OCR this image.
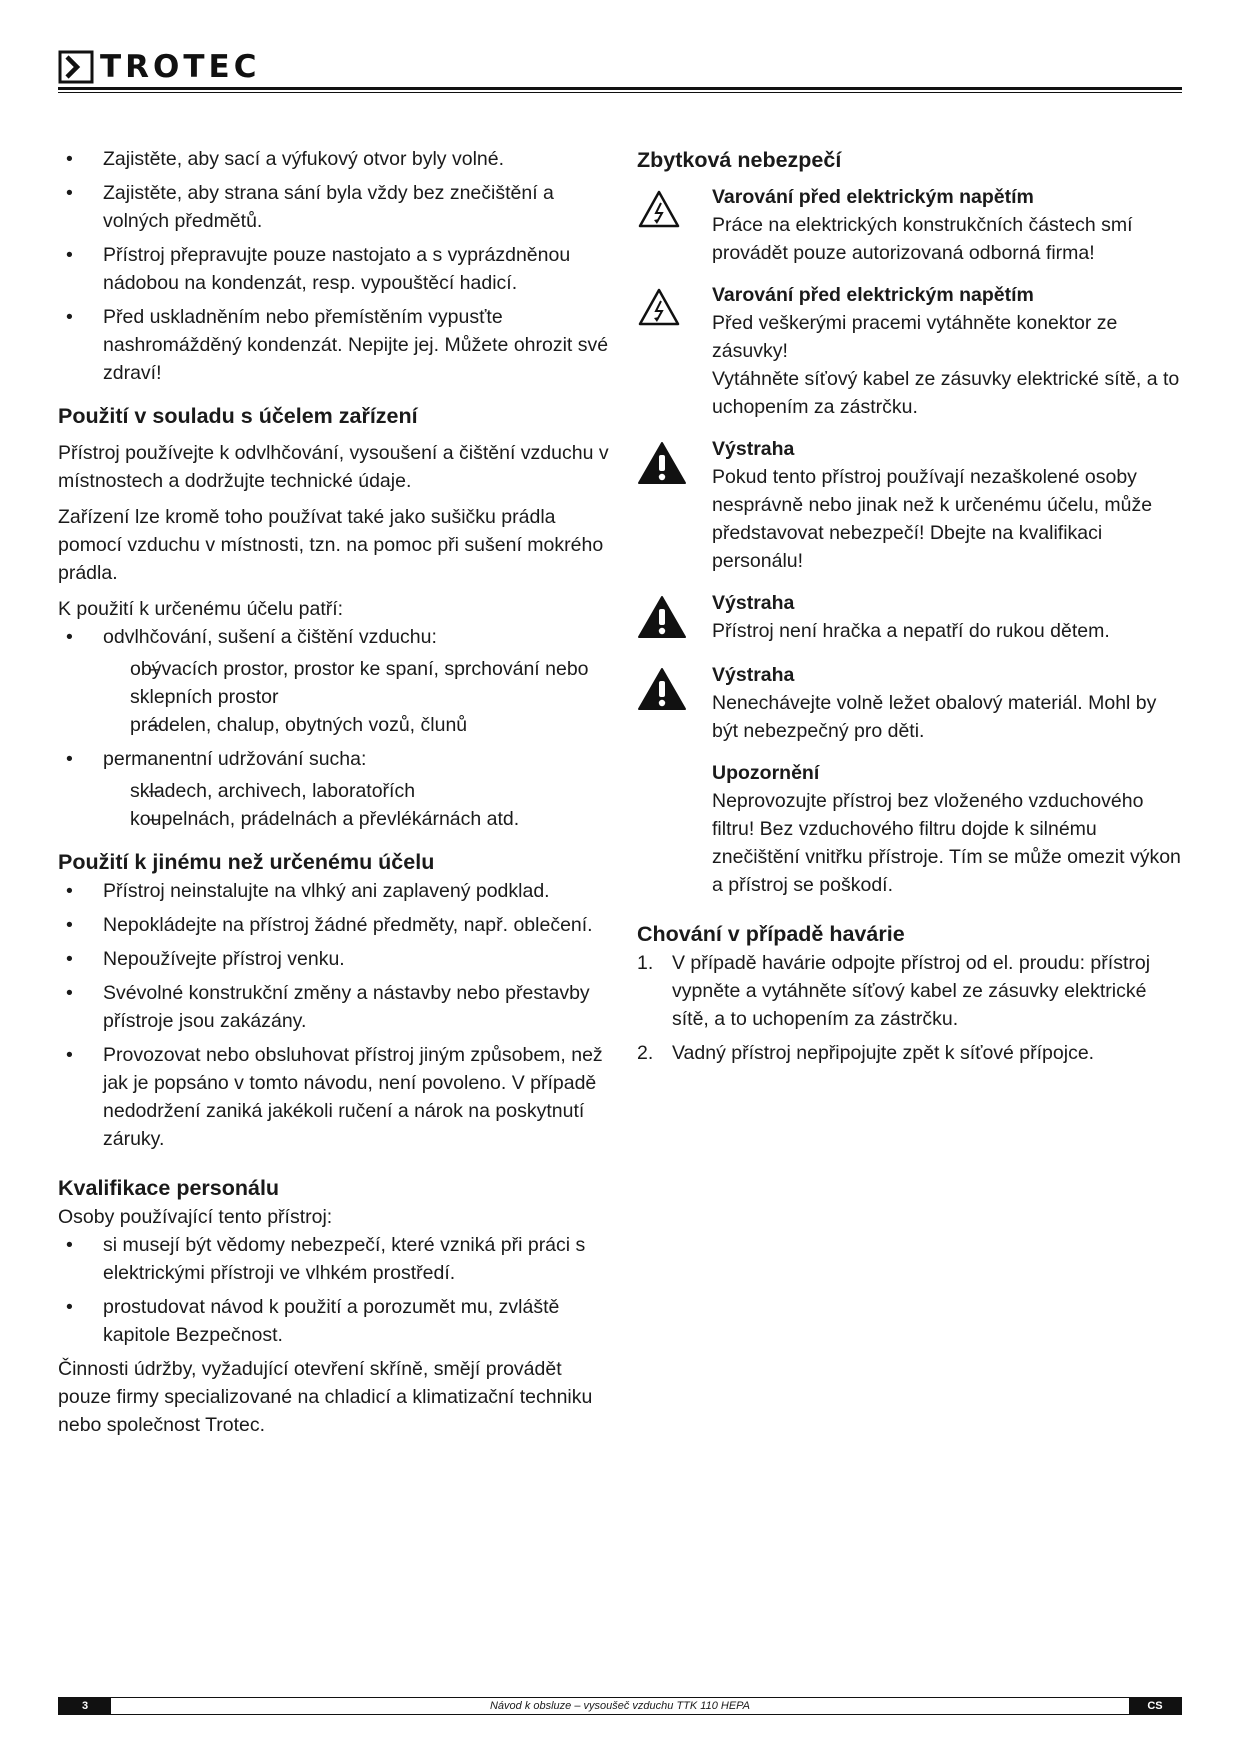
TROTEC
• Zajistěte, aby sací a výfukový otvor byly volné.
• Zajistěte, aby strana sání byla vždy bez znečištění a volných předmětů.
• Přístroj přepravujte pouze nastojato a s vyprázdněnou nádobou na kondenzát, resp. vypouštěcí hadicí.
• Před uskladněním nebo přemístěním vypusťte nashromážděný kondenzát. Nepijte jej. Můžete ohrozit své zdraví!
Použití v souladu s účelem zařízení

Přístroj používejte k odvlhčování, vysoušení a čištění vzduchu v místnostech a dodržujte technické údaje.

Zařízení lze kromě toho používat také jako sušičku prádla pomocí vzduchu v místnosti, tzn. na pomoc při sušení mokrého prádla.

K použití k určenému účelu patří:

• odvlhčování, sušení a čištění vzduchu:
– obývacích prostor, prostor ke spaní, sprchování nebo sklepních prostor
– prádelen, chalup, obytných vozů, člunů
• permanentní udržování sucha:
– skladech, archivech, laboratořích
– koupelnách, prádelnách a převlékárnách atd.
Použití k jinému než určenému účelu
• Přístroj neinstalujte na vlhký ani zaplavený podklad.
• Nepokládejte na přístroj žádné předměty, např. oblečení.
• Nepoužívejte přístroj venku.
• Svévolné konstrukční změny a nástavby nebo přestavby přístroje jsou zakázány.
• Provozovat nebo obsluhovat přístroj jiným způsobem, než jak je popsáno v tomto návodu, není povoleno. V případě nedodržení zaniká jakékoli ručení a nárok na poskytnutí záruky.
Kvalifikace personálu

Osoby používající tento přístroj:

• si musejí být vědomy nebezpečí, které vzniká při práci s elektrickými přístroji ve vlhkém prostředí.
• prostudovat návod k použití a porozumět mu, zvláště kapitole Bezpečnost.

Činnosti údržby, vyžadující otevření skříně, smějí provádět pouze firmy specializované na chladicí a klimatizační techniku nebo společnost Trotec.

Zbytková nebezpečí
Varování před elektrickým napětím

Práce na elektrických konstrukčních částech smí provádět pouze autorizovaná odborná firma!

Varování před elektrickým napětím

Před veškerými pracemi vytáhněte konektor ze zásuvky!

Vytáhněte síťový kabel ze zásuvky elektrické sítě, a to uchopením za zástrčku.

Výstraha

Pokud tento přístroj používají nezaškolené osoby nesprávně nebo jinak než k určenému účelu, může představovat nebezpečí! Dbejte na kvalifikaci personálu!

Výstraha

Přístroj není hračka a nepatří do rukou dětem.

Výstraha

Nenechávejte volně ležet obalový materiál. Mohl by být nebezpečný pro děti.

Upozornění

Neprovozujte přístroj bez vloženého vzduchového filtru! Bez vzduchového filtru dojde k silnému znečištění vnitřku přístroje. Tím se může omezit výkon a přístroj se poškodí.

Chování v případě havárie
1. V případě havárie odpojte přístroj od el. proudu: přístroj vypněte a vytáhněte síťový kabel ze zásuvky elektrické sítě, a to uchopením za zástrčku.
2. Vadný přístroj nepřipojujte zpět k síťové přípojce.
3	Návod k obsluze – vysoušeč vzduchu TTK 110 HEPA	CS
